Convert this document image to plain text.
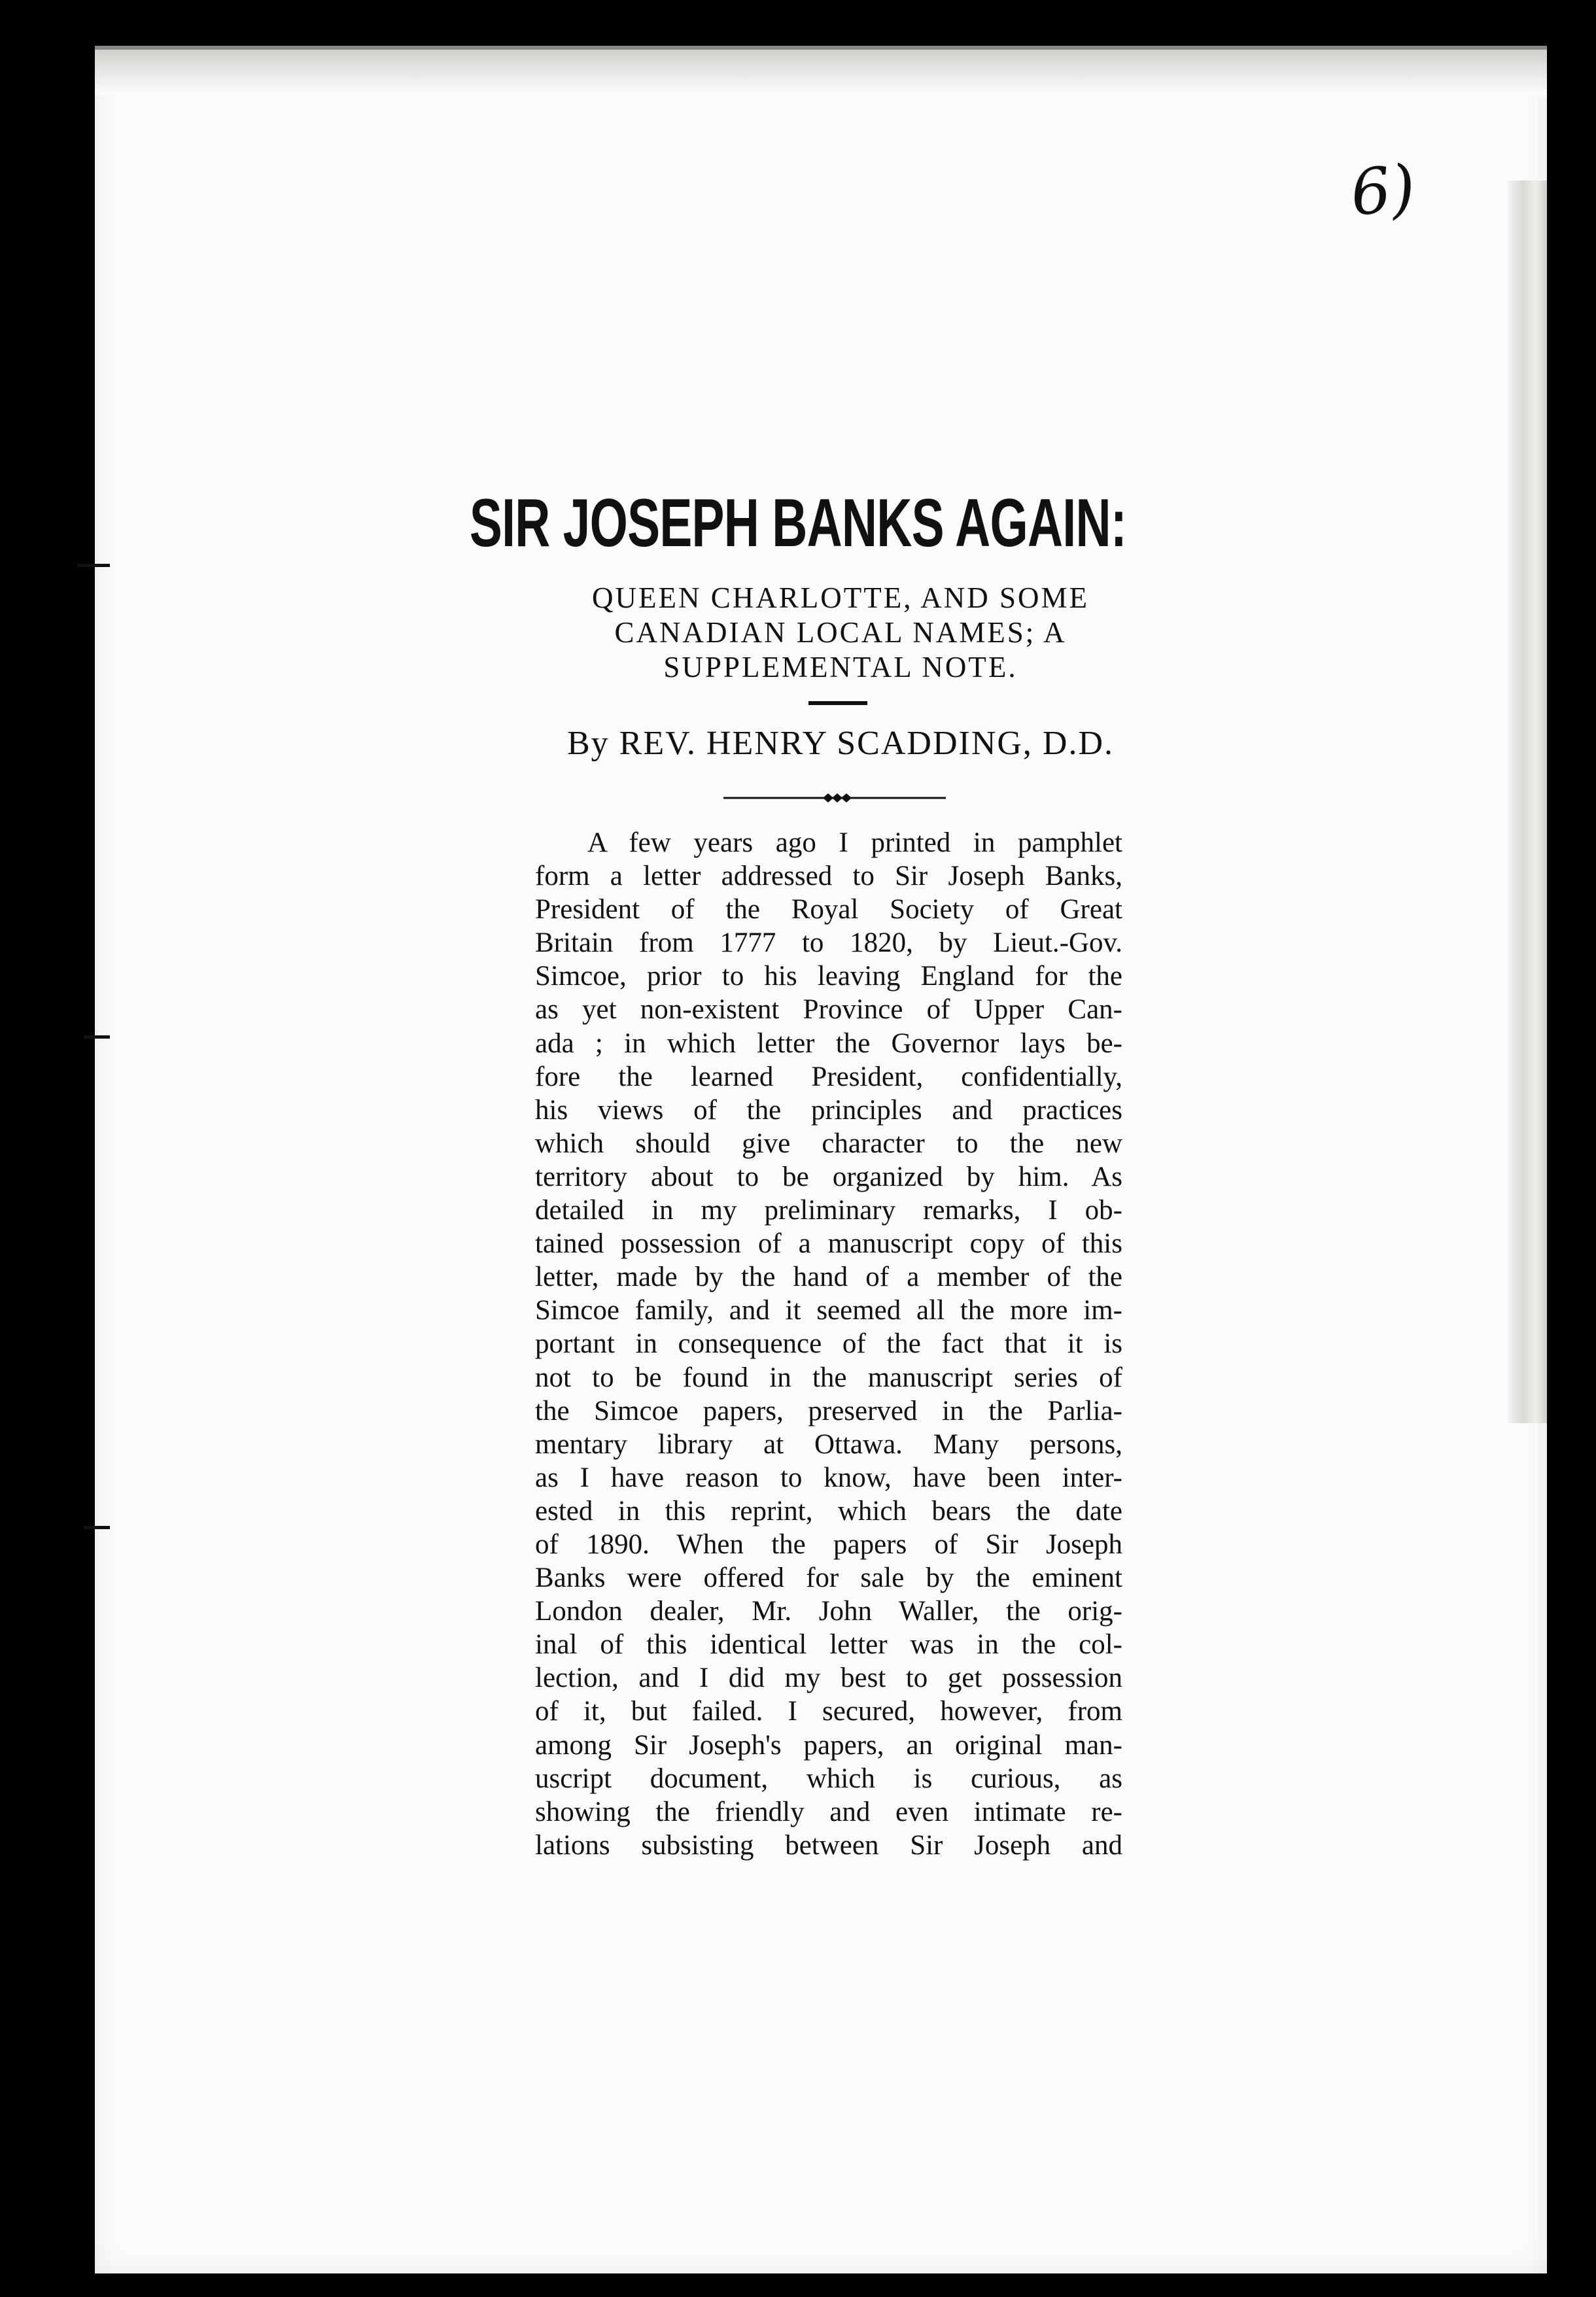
6)
SIR JOSEPH BANKS AGAIN:
QUEEN CHARLOTTE, AND SOME CANADIAN LOCAL NAMES; A SUPPLEMENTAL NOTE.
By REV. HENRY SCADDING, D.D.
A few years ago I printed in pamphlet
form a letter addressed to Sir Joseph Banks,
President of the Royal Society of Great
Britain from 1777 to 1820, by Lieut.-Gov.
Simcoe, prior to his leaving England for the
as yet non-existent Province of Upper Can-
ada ; in which letter the Governor lays be-
fore the learned President, confidentially,
his views of the principles and practices
which should give character to the new
territory about to be organized by him. As
detailed in my preliminary remarks, I ob-
tained possession of a manuscript copy of this
letter, made by the hand of a member of the
Simcoe family, and it seemed all the more im-
portant in consequence of the fact that it is
not to be found in the manuscript series of
the Simcoe papers, preserved in the Parlia-
mentary library at Ottawa. Many persons,
as I have reason to know, have been inter-
ested in this reprint, which bears the date
of 1890. When the papers of Sir Joseph
Banks were offered for sale by the eminent
London dealer, Mr. John Waller, the orig-
inal of this identical letter was in the col-
lection, and I did my best to get possession
of it, but failed. I secured, however, from
among Sir Joseph's papers, an original man-
uscript document, which is curious, as
showing the friendly and even intimate re-
lations subsisting between Sir Joseph and
